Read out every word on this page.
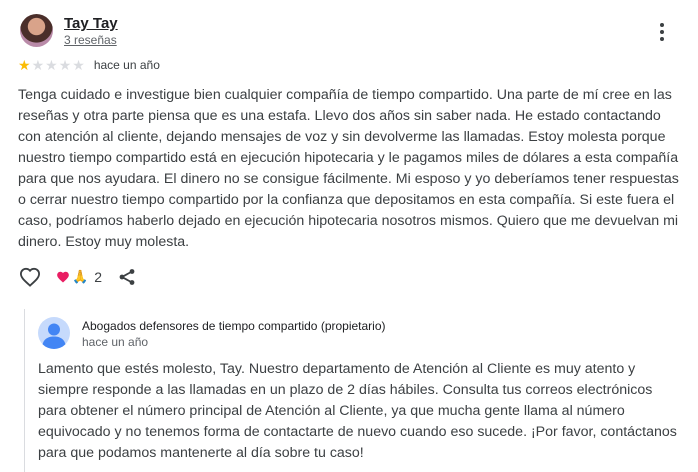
Tay Tay
3 reseñas
★ ★ ★ ★ ★ hace un año
Tenga cuidado e investigue bien cualquier compañía de tiempo compartido. Una parte de mí cree en las reseñas y otra parte piensa que es una estafa. Llevo dos años sin saber nada. He estado contactando con atención al cliente, dejando mensajes de voz y sin devolverme las llamadas. Estoy molesta porque nuestro tiempo compartido está en ejecución hipotecaria y le pagamos miles de dólares a esta compañía para que nos ayudara. El dinero no se consigue fácilmente. Mi esposo y yo deberíamos tener respuestas o cerrar nuestro tiempo compartido por la confianza que depositamos en esta compañía. Si este fuera el caso, podríamos haberlo dejado en ejecución hipotecaria nosotros mismos. Quiero que me devuelvan mi dinero. Estoy muy molesta.
🙏 2
Abogados defensores de tiempo compartido (propietario)
hace un año
Lamento que estés molesto, Tay. Nuestro departamento de Atención al Cliente es muy atento y siempre responde a las llamadas en un plazo de 2 días hábiles. Consulta tus correos electrónicos para obtener el número principal de Atención al Cliente, ya que mucha gente llama al número equivocado y no tenemos forma de contactarte de nuevo cuando eso sucede. ¡Por favor, contáctanos para que podamos mantenerte al día sobre tu caso!
